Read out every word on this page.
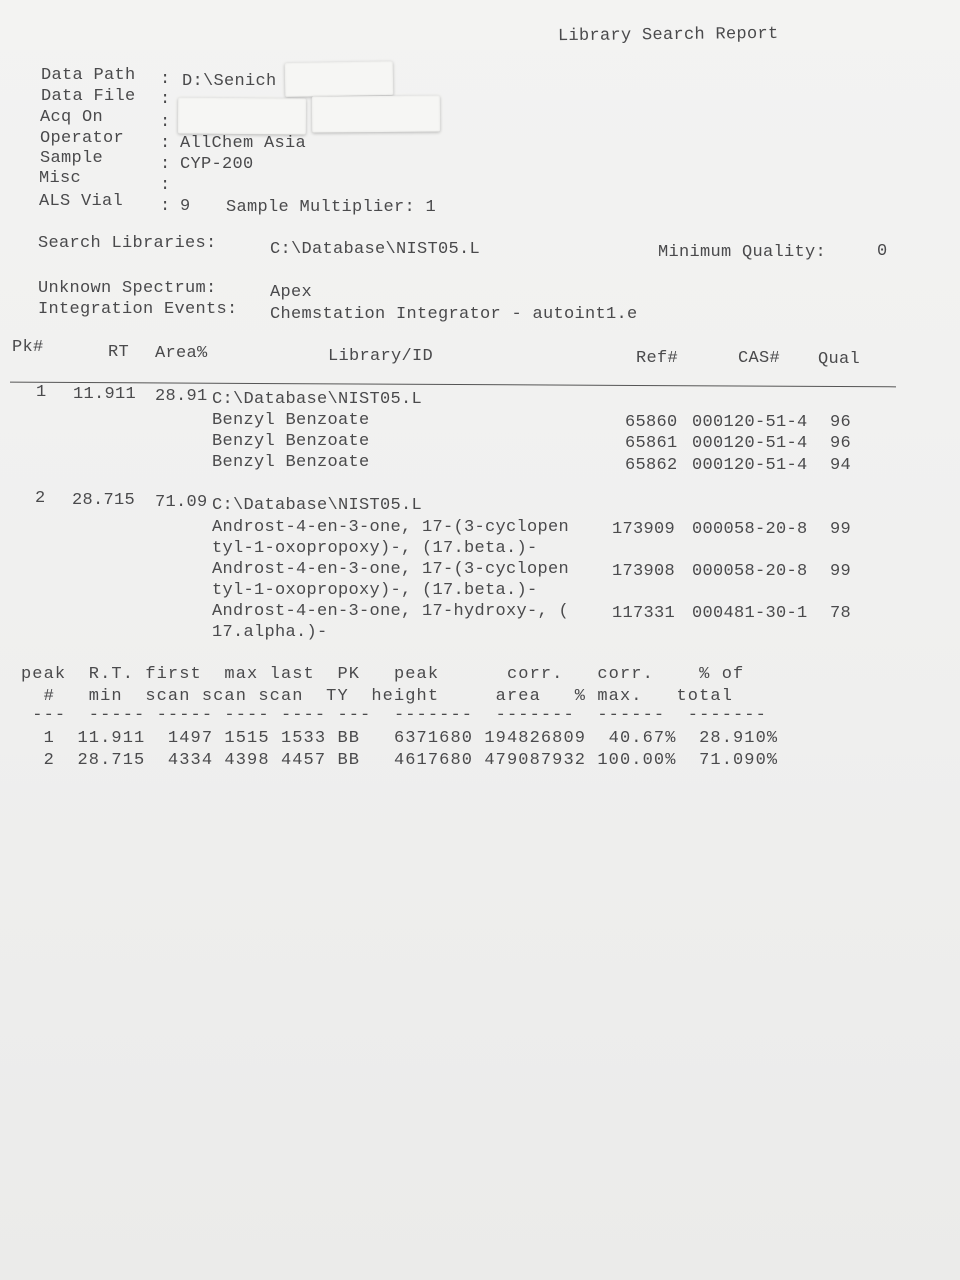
Library Search Report
Data Path : D:\Senich
Data File :
Acq On	:
Operator : AllChem Asia
Sample	: CYP-200
Misc	:
ALS Vial : 9 Sample Multiplier: 1
Search Libraries:	C:\Database\NIST05.L	Minimum Quality:	0
Unknown Spectrum:	Apex
Integration Events: Chemstation Integrator - autoint1.e
Pk#	RT Area%	Library/ID	Ref#	CAS# Qual
1 11.911 28.91 C:\Database\NIST05.L
Benzyl Benzoate	65860 000120-51-4 96
Benzyl Benzoate	65861 000120-51-4 96
Benzyl Benzoate	65862 000120-51-4 94
2 28.715 71.09 C:\Database\NIST05.L
Androst-4-en-3-one, 17-(3-cyclopen	173909 000058-20-8 99
tyl-1-oxopropoxy)-, (17.beta.)-
Androst-4-en-3-one, 17-(3-cyclopen	173908 000058-20-8 99
tyl-1-oxopropoxy)-, (17.beta.)-
Androst-4-en-3-one, 17-hydroxy-, (	117331 000481-30-1 78
17.alpha.)-
peak  R.T. first  max last  PK   peak      corr.   corr.    % of
#   min  scan scan scan  TY  height     area   % max.   total
---  ----- ----- ---- ---- ---  -------  -------  ------  -------
1  11.911  1497 1515 1533 BB   6371680 194826809  40.67%  28.910%
2  28.715  4334 4398 4457 BB   4617680 479087932 100.00%  71.090%
